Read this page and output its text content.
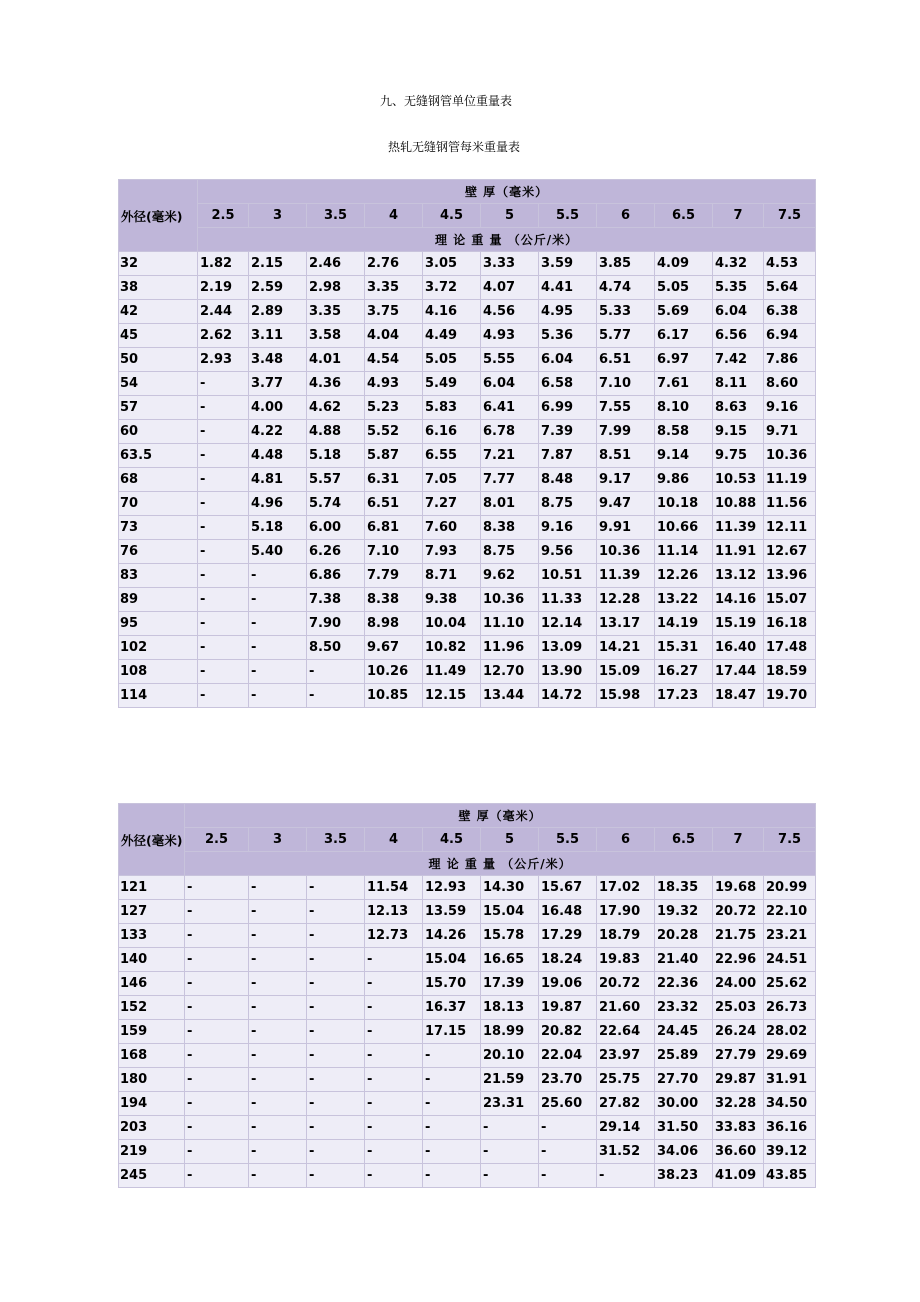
九、无缝钢管单位重量表
热轧无缝钢管每米重量表
外径(毫米)	壁 厚（毫米）										
	2.5	3	3.5	4	4.5	5	5.5	6	6.5	7	7.5
	理 论 重 量 （公斤/米）										
32	1.82	2.15	2.46	2.76	3.05	3.33	3.59	3.85	4.09	4.32	4.53
38	2.19	2.59	2.98	3.35	3.72	4.07	4.41	4.74	5.05	5.35	5.64
42	2.44	2.89	3.35	3.75	4.16	4.56	4.95	5.33	5.69	6.04	6.38
45	2.62	3.11	3.58	4.04	4.49	4.93	5.36	5.77	6.17	6.56	6.94
50	2.93	3.48	4.01	4.54	5.05	5.55	6.04	6.51	6.97	7.42	7.86
54	-	3.77	4.36	4.93	5.49	6.04	6.58	7.10	7.61	8.11	8.60
57	-	4.00	4.62	5.23	5.83	6.41	6.99	7.55	8.10	8.63	9.16
60	-	4.22	4.88	5.52	6.16	6.78	7.39	7.99	8.58	9.15	9.71
63.5	-	4.48	5.18	5.87	6.55	7.21	7.87	8.51	9.14	9.75	10.36
68	-	4.81	5.57	6.31	7.05	7.77	8.48	9.17	9.86	10.53	11.19
70	-	4.96	5.74	6.51	7.27	8.01	8.75	9.47	10.18	10.88	11.56
73	-	5.18	6.00	6.81	7.60	8.38	9.16	9.91	10.66	11.39	12.11
76	-	5.40	6.26	7.10	7.93	8.75	9.56	10.36	11.14	11.91	12.67
83	-	-	6.86	7.79	8.71	9.62	10.51	11.39	12.26	13.12	13.96
89	-	-	7.38	8.38	9.38	10.36	11.33	12.28	13.22	14.16	15.07
95	-	-	7.90	8.98	10.04	11.10	12.14	13.17	14.19	15.19	16.18
102	-	-	8.50	9.67	10.82	11.96	13.09	14.21	15.31	16.40	17.48
108	-	-	-	10.26	11.49	12.70	13.90	15.09	16.27	17.44	18.59
114	-	-	-	10.85	12.15	13.44	14.72	15.98	17.23	18.47	19.70
外径(毫米)	壁 厚（毫米）										
	2.5	3	3.5	4	4.5	5	5.5	6	6.5	7	7.5
	理 论 重 量 （公斤/米）										
121	-	-	-	11.54	12.93	14.30	15.67	17.02	18.35	19.68	20.99
127	-	-	-	12.13	13.59	15.04	16.48	17.90	19.32	20.72	22.10
133	-	-	-	12.73	14.26	15.78	17.29	18.79	20.28	21.75	23.21
140	-	-	-	-	15.04	16.65	18.24	19.83	21.40	22.96	24.51
146	-	-	-	-	15.70	17.39	19.06	20.72	22.36	24.00	25.62
152	-	-	-	-	16.37	18.13	19.87	21.60	23.32	25.03	26.73
159	-	-	-	-	17.15	18.99	20.82	22.64	24.45	26.24	28.02
168	-	-	-	-	-	20.10	22.04	23.97	25.89	27.79	29.69
180	-	-	-	-	-	21.59	23.70	25.75	27.70	29.87	31.91
194	-	-	-	-	-	23.31	25.60	27.82	30.00	32.28	34.50
203	-	-	-	-	-	-	-	29.14	31.50	33.83	36.16
219	-	-	-	-	-	-	-	31.52	34.06	36.60	39.12
245	-	-	-	-	-	-	-	-	38.23	41.09	43.85
